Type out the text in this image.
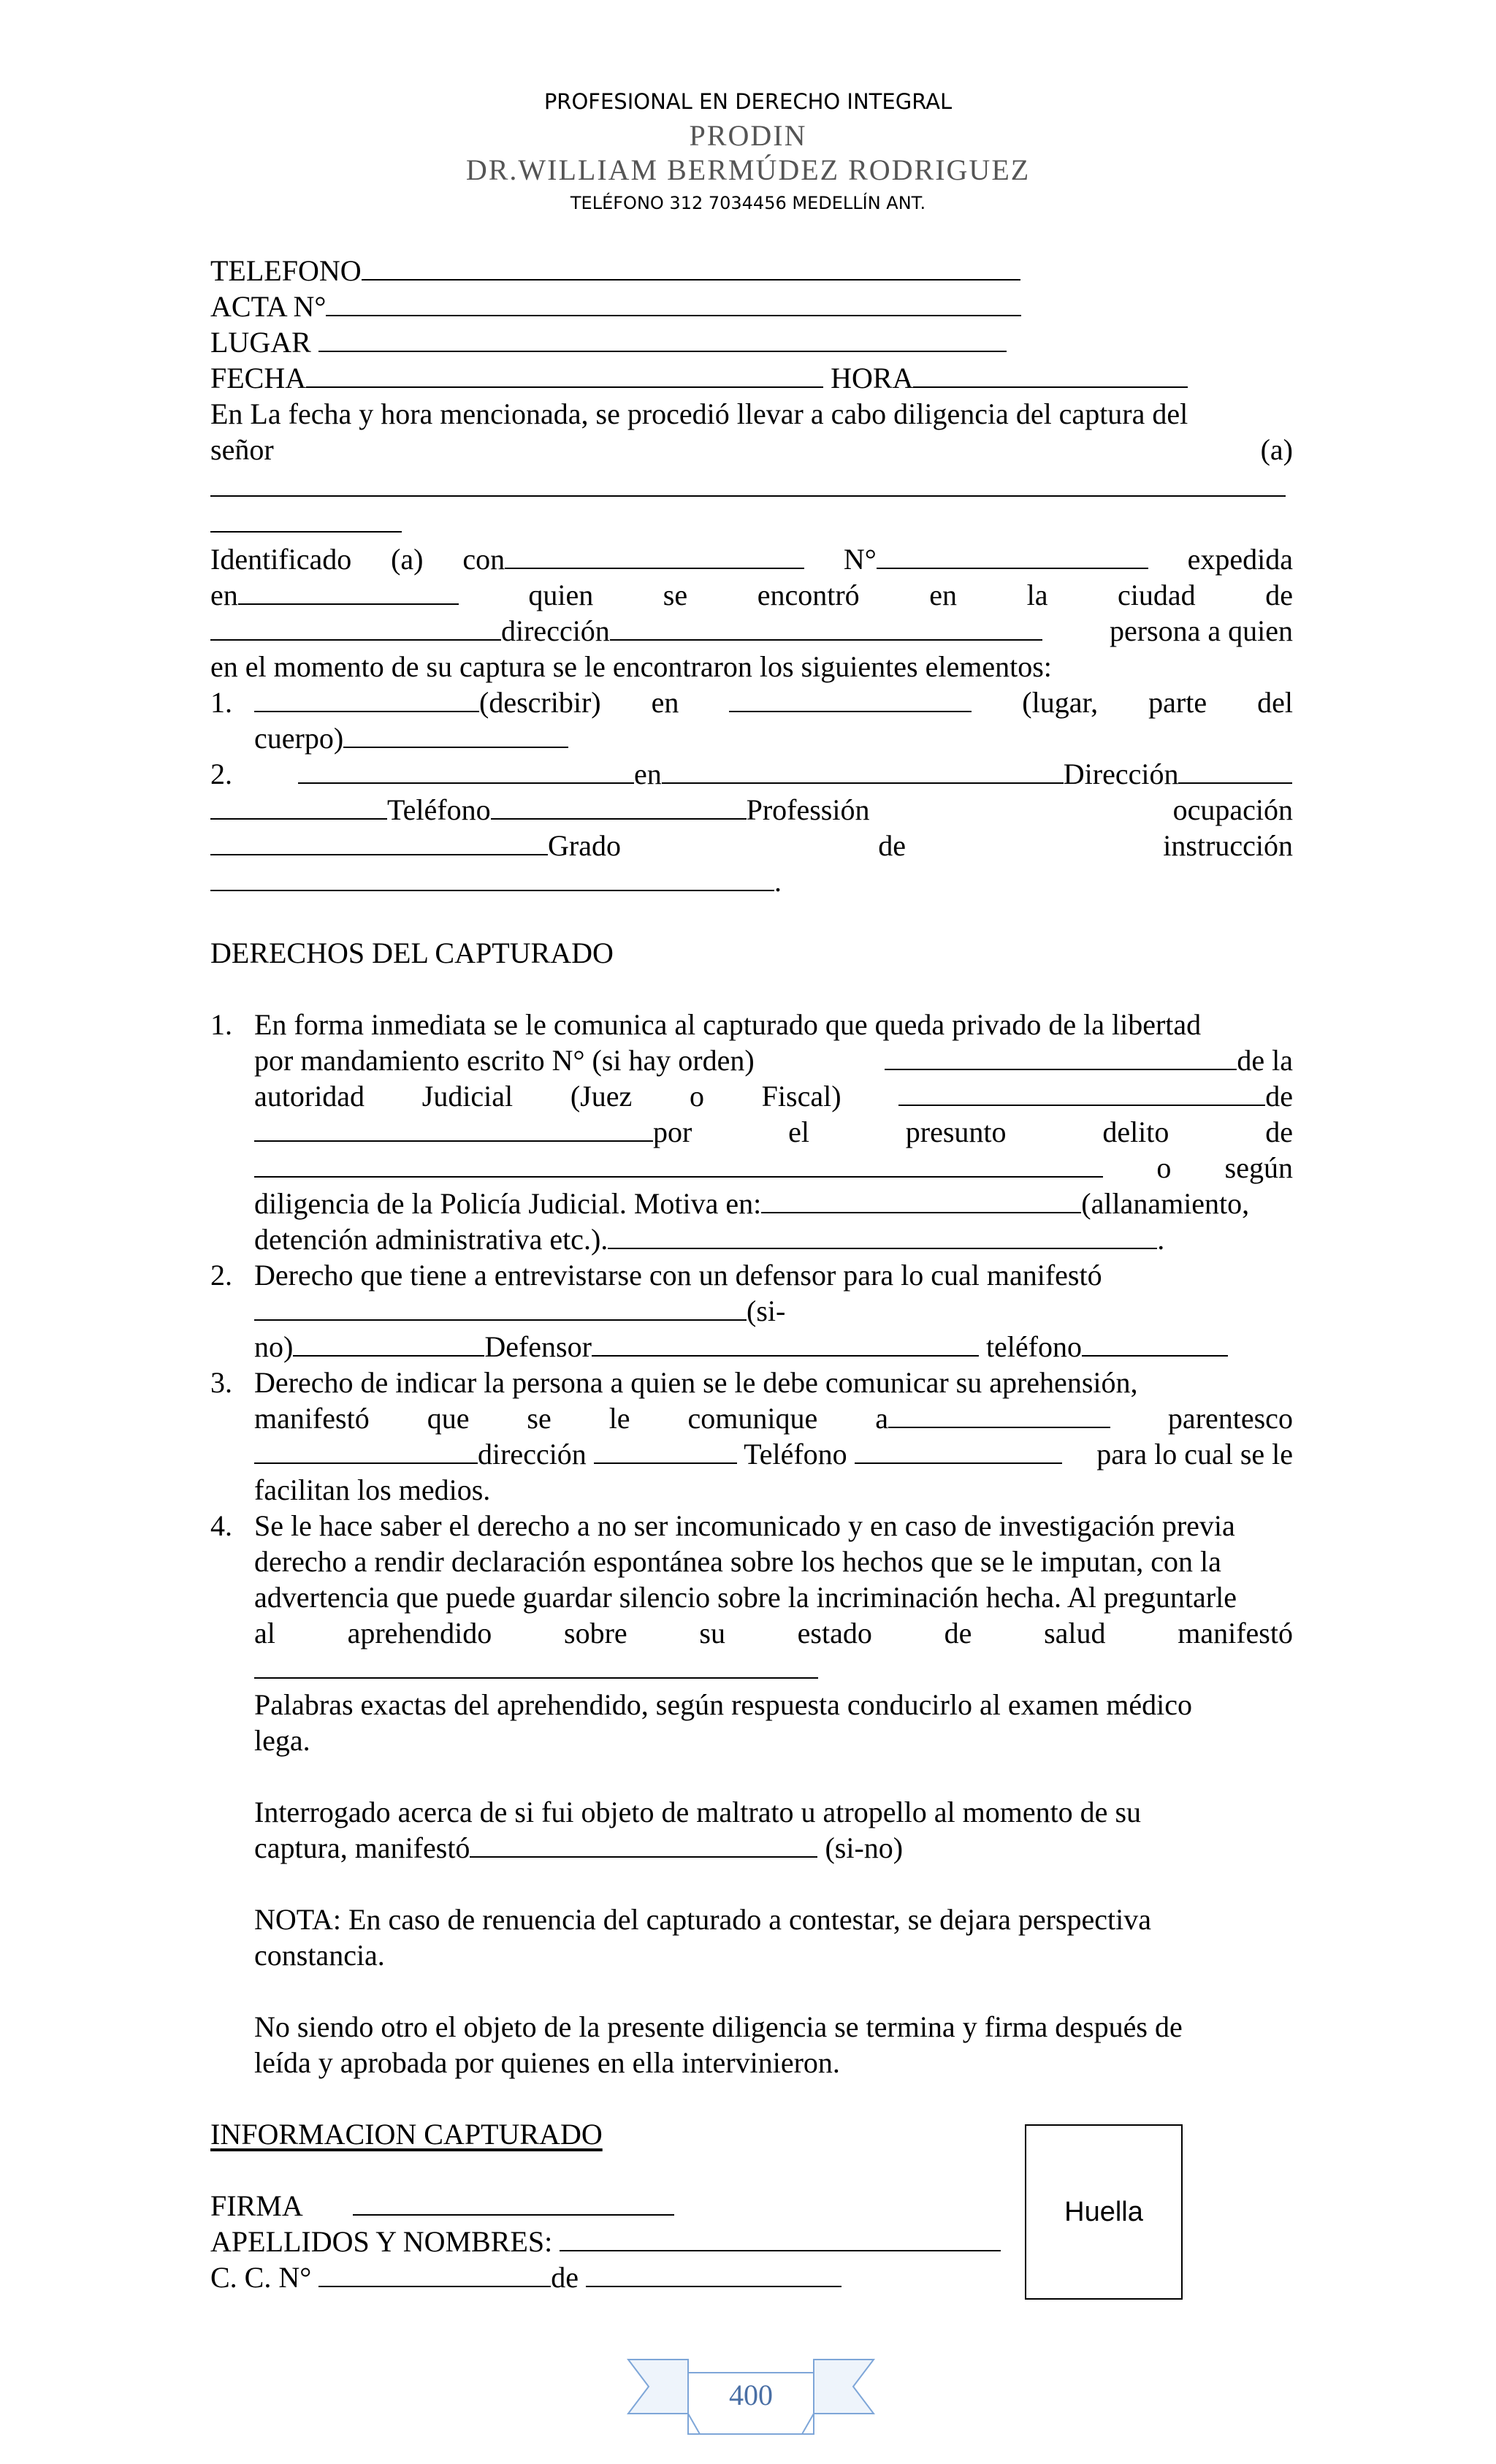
PROFESIONAL EN DERECHO INTEGRAL
PRODIN
DR.WILLIAM BERMÚDEZ RODRIGUEZ
TELÉFONO 312 7034456 MEDELLÍN ANT.
TELEFONO
ACTA N°
LUGAR
FECHA	HORA
En La fecha y hora mencionada, se procedió llevar a cabo diligencia del captura del
señor	(a)
Identificado (a) con	N°	expedida
en	quien se encontró en la ciudad de
dirección	persona a quien
en el momento de su captura se le encontraron los siguientes elementos:
1.	(describir) en	(lugar, parte del
cuerpo)
2.	en	Dirección
Teléfono	Professión	ocupación
Grado	de	instrucción
.
DERECHOS DEL CAPTURADO
1. En forma inmediata se le comunica al capturado que queda privado de la libertad
por mandamiento escrito N° (si hay orden)	de la
autoridad Judicial (Juez o Fiscal)	de
por	el	presunto	delito	de
o según
diligencia de la Policía Judicial. Motiva en:	(allanamiento,
detención administrativa etc.).	.
2. Derecho que tiene a entrevistarse con un defensor para lo cual manifestó
(si-
no)	Defensor	teléfono
3. Derecho de indicar la persona a quien se le debe comunicar su aprehensión,
manifestó que se le comunique a	parentesco
dirección	Teléfono	para lo cual se le
facilitan los medios.
4. Se le hace saber el derecho a no ser incomunicado y en caso de investigación previa
derecho a rendir declaración espontánea sobre los hechos que se le imputan, con la
advertencia que puede guardar silencio sobre la incriminación hecha. Al preguntarle
al aprehendido sobre su estado de salud manifestó
Palabras exactas del aprehendido, según respuesta conducirlo al examen médico
lega.
Interrogado acerca de si fui objeto de maltrato u atropello al momento de su
captura, manifestó	(si-no)
NOTA: En caso de renuencia del capturado a contestar, se dejara perspectiva
constancia.
No siendo otro el objeto de la presente diligencia se termina y firma después de
leída y aprobada por quienes en ella intervinieron.
INFORMACION CAPTURADO
FIRMA
APELLIDOS Y NOMBRES:
C. C. N°	de
Huella
400
